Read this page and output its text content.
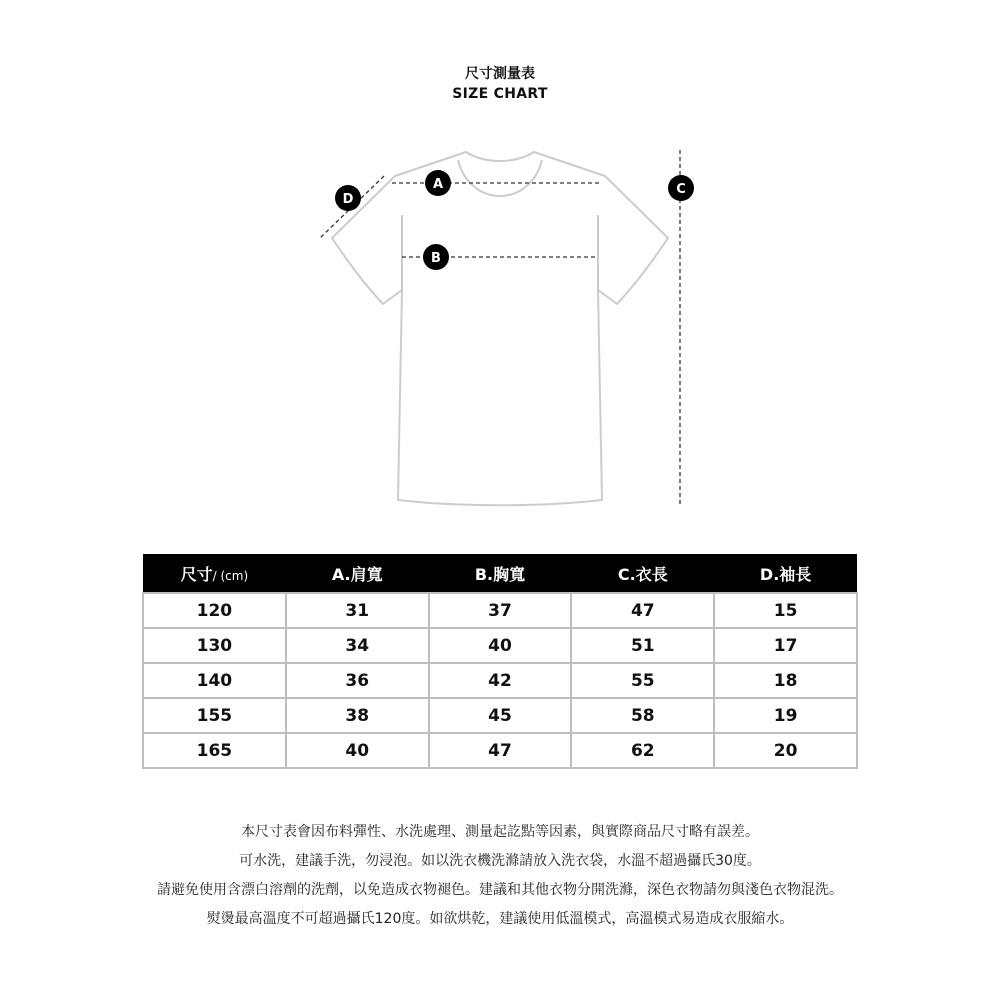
尺寸測量表
SIZE CHART
A
B
C
D
尺寸/ (cm)	A.肩寬	B.胸寬	C.衣長	D.袖長
120	31	37	47	15
130	34	40	51	17
140	36	42	55	18
155	38	45	58	19
165	40	47	62	20
本尺寸表會因布料彈性、水洗處理、測量起訖點等因素，與實際商品尺寸略有誤差。
可水洗，建議手洗，勿浸泡。如以洗衣機洗滌請放入洗衣袋，水溫不超過攝氏30度。
請避免使用含漂白溶劑的洗劑，以免造成衣物褪色。建議和其他衣物分開洗滌，深色衣物請勿與淺色衣物混洗。
熨燙最高溫度不可超過攝氏120度。如欲烘乾，建議使用低溫模式，高溫模式易造成衣服縮水。
